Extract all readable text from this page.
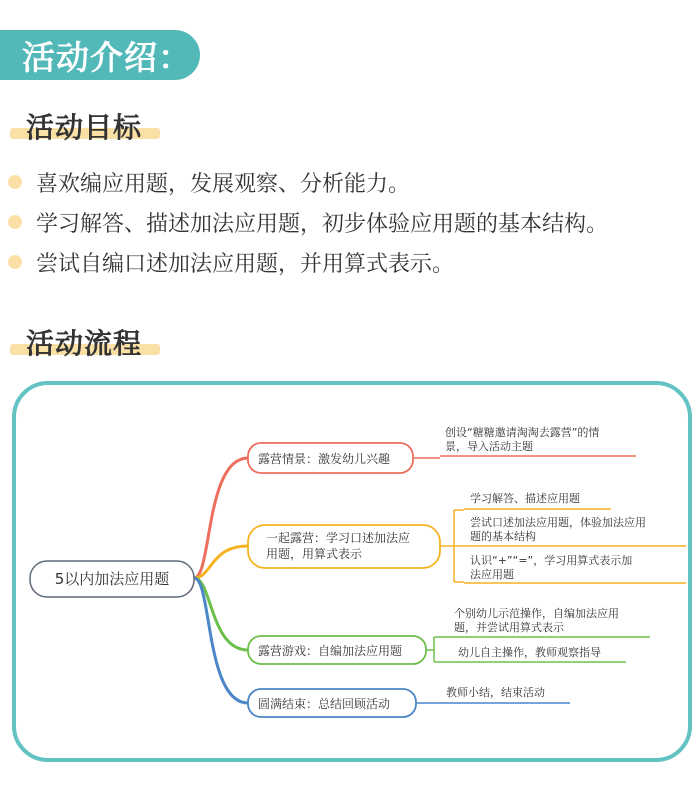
活动介绍：
活动目标
喜欢编应用题，发展观察、分析能力。
学习解答、描述加法应用题，初步体验应用题的基本结构。
尝试自编口述加法应用题，并用算式表示。
活动流程
5以内加法应用题
露营情景：激发幼儿兴趣
创设“糖糖邀请淘淘去露营”的情 景，导入活动主题
一起露营：学习口述加法应 用题，用算式表示
学习解答、描述应用题
尝试口述加法应用题，体验加法应用 题的基本结构
认识“+”“=”，学习用算式表示加 法应用题
露营游戏：自编加法应用题
个别幼儿示范操作，自编加法应用 题，并尝试用算式表示
幼儿自主操作，教师观察指导
圆满结束：总结回顾活动
教师小结，结束活动
